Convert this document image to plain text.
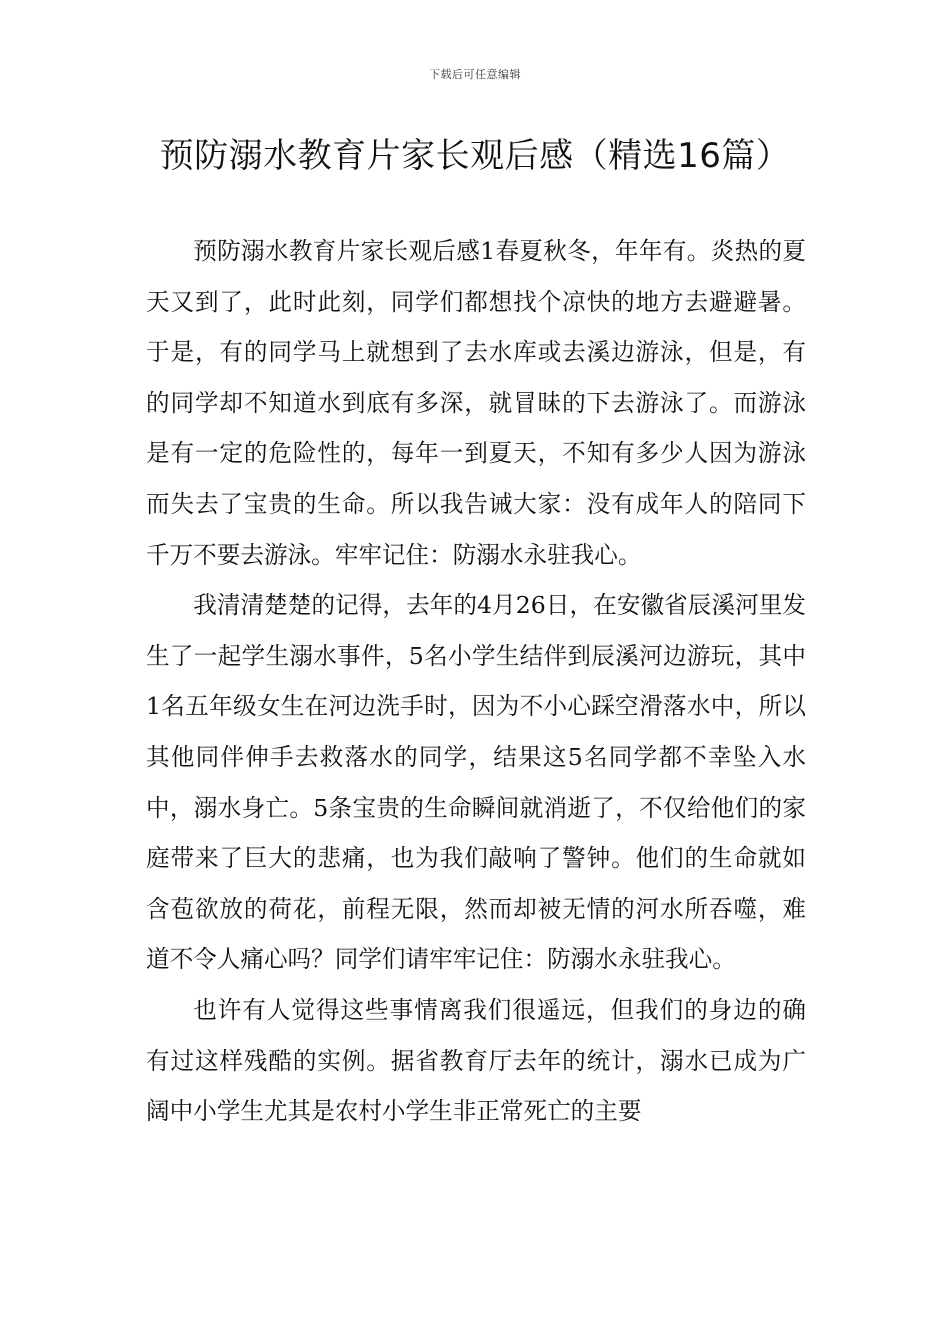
下载后可任意编辑
预防溺水教育片家长观后感（精选16篇）

预防溺水教育片家长观后感1春夏秋冬，年年有。炎热的夏天又到了，此时此刻，同学们都想找个凉快的地方去避避暑。于是，有的同学马上就想到了去水库或去溪边游泳，但是，有的同学却不知道水到底有多深，就冒昧的下去游泳了。而游泳是有一定的危险性的，每年一到夏天，不知有多少人因为游泳而失去了宝贵的生命。所以我告诫大家：没有成年人的陪同下千万不要去游泳。牢牢记住：防溺水永驻我心。

我清清楚楚的记得，去年的4月26日，在安徽省辰溪河里发生了一起学生溺水事件，5名小学生结伴到辰溪河边游玩，其中1名五年级女生在河边洗手时，因为不小心踩空滑落水中，所以其他同伴伸手去救落水的同学，结果这5名同学都不幸坠入水中，溺水身亡。5条宝贵的生命瞬间就消逝了，不仅给他们的家庭带来了巨大的悲痛，也为我们敲响了警钟。他们的生命就如含苞欲放的荷花，前程无限，然而却被无情的河水所吞噬，难道不令人痛心吗？同学们请牢牢记住：防溺水永驻我心。

也许有人觉得这些事情离我们很遥远，但我们的身边的确有过这样残酷的实例。据省教育厅去年的统计，溺水已成为广阔中小学生尤其是农村小学生非正常死亡的主要
